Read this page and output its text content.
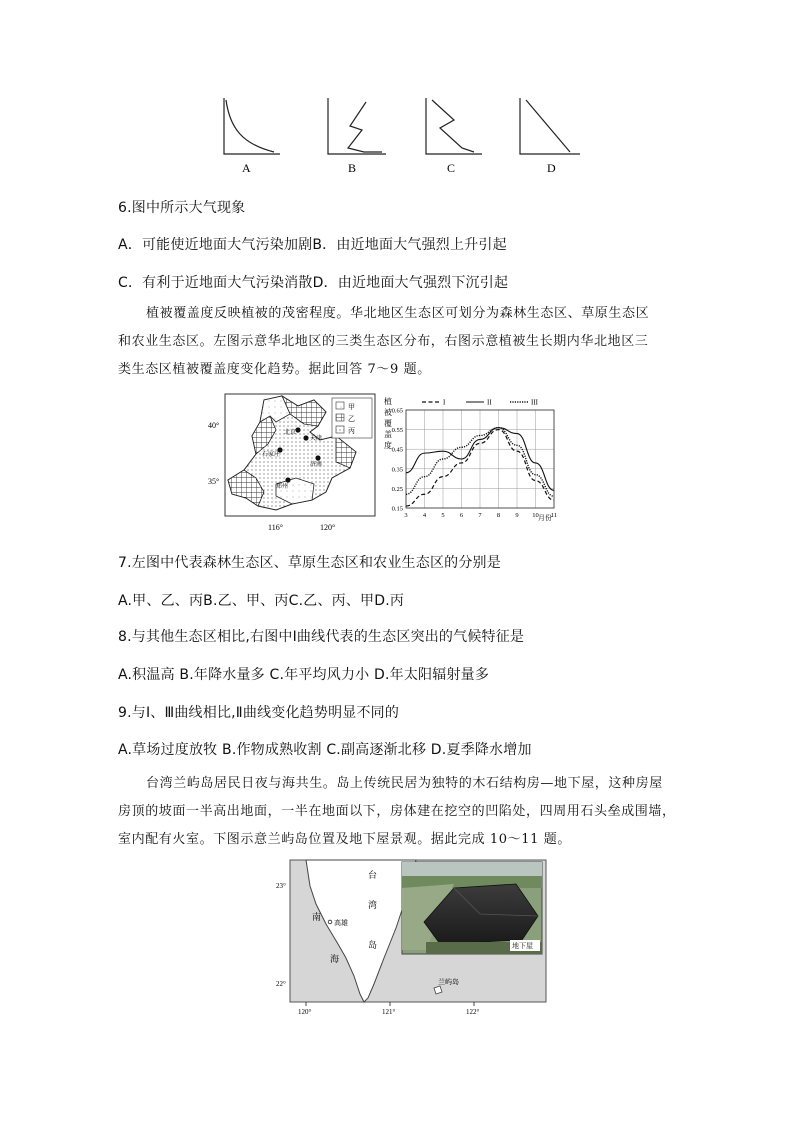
A	B	C	D
6.图中所示大气现象
A．可能使近地面大气污染加剧B．由近地面大气强烈上升引起
C．有利于近地面大气污染消散D．由近地面大气强烈下沉引起
植被覆盖度反映植被的茂密程度。华北地区生态区可划分为森林生态区、草原生态区
和农业生态区。左图示意华北地区的三类生态区分布，右图示意植被生长期内华北地区三
类生态区植被覆盖度变化趋势。据此回答 7～9 题。
北京
天津
石家庄
济南
郑州
甲
乙
丙
40°
35°
116°	120°
植被覆盖度
0.65
0.55
0.45
0.35
0.25
0.15
3 4 5 6 7 8 9 10 11
I	II	III
月份
7.左图中代表森林生态区、草原生态区和农业生态区的分别是
A.甲、乙、丙B.乙、甲、丙C.乙、丙、甲D.丙
8.与其他生态区相比,右图中Ⅰ曲线代表的生态区突出的气候特征是
A.积温高 B.年降水量多 C.年平均风力小 D.年太阳辐射量多
9.与Ⅰ、Ⅲ曲线相比,Ⅱ曲线变化趋势明显不同的
A.草场过度放牧 B.作物成熟收割 C.副高逐渐北移 D.夏季降水增加
台湾兰屿岛居民日夜与海共生。岛上传统民居为独特的木石结构房—地下屋，这种房屋
房顶的坡面一半高出地面，一半在地面以下，房体建在挖空的凹陷处，四周用石头垒成围墙，
室内配有火室。下图示意兰屿岛位置及地下屋景观。据此完成 10～11 题。
高雄
南
海
台
湾
岛
兰屿岛
23°
22°
120°	121°	122°
地下屋
